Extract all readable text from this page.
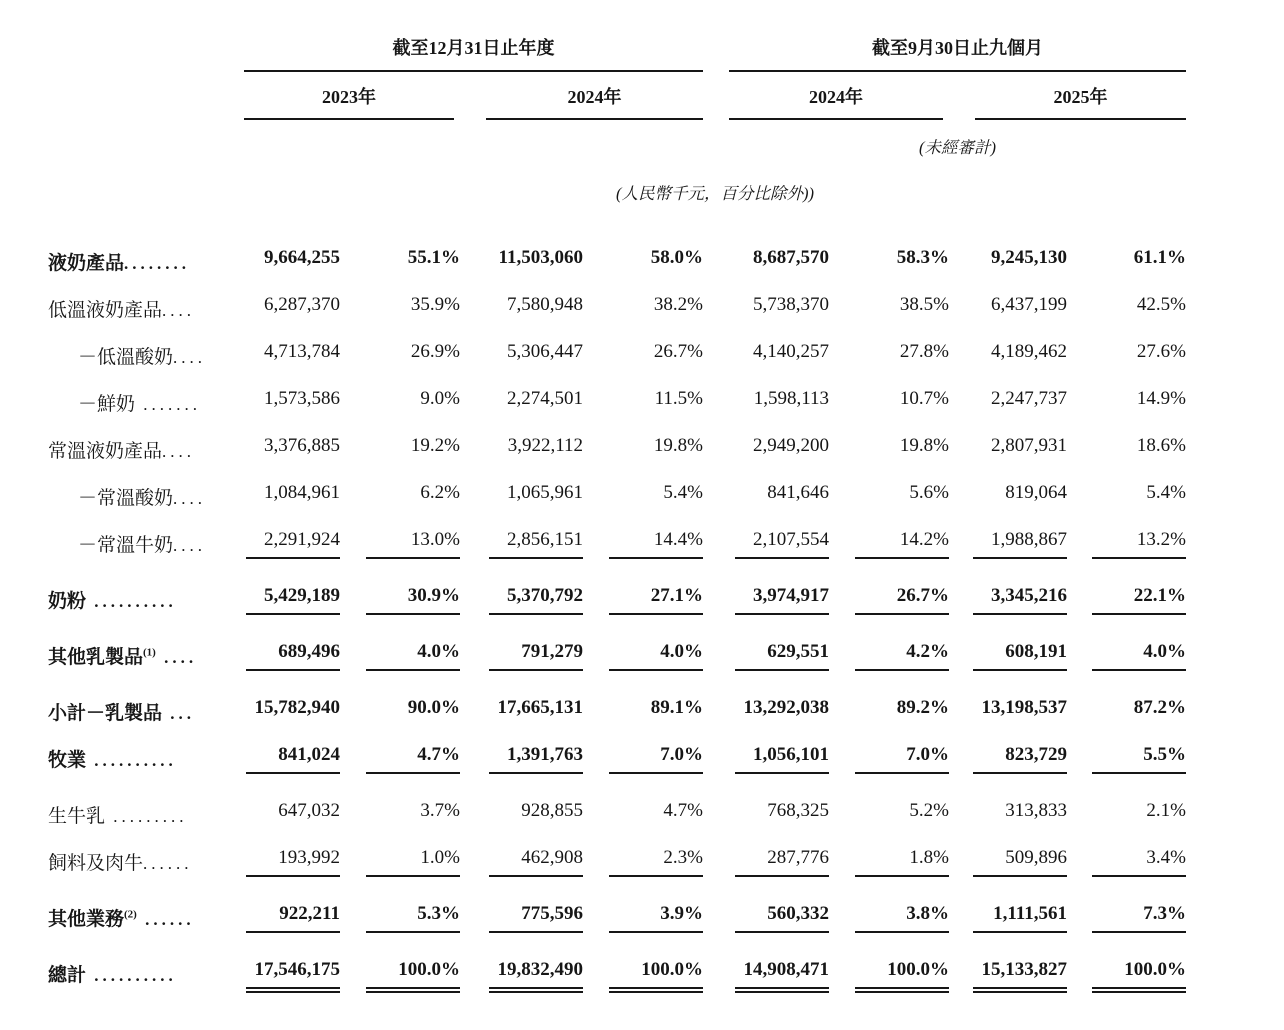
	截至12月31日止年度					截至9月30日止九個月			

	2023年		2024年			2024年		2025年	

						(未經審計)			
	(人民幣千元，百分比除外))								

液奶產品........	9,664,255	55.1%	11,503,060	58.0%		8,687,570	58.3%	9,245,130	61.1%
低溫液奶產品....	6,287,370	35.9%	7,580,948	38.2%		5,738,370	38.5%	6,437,199	42.5%
－低溫酸奶....	4,713,784	26.9%	5,306,447	26.7%		4,140,257	27.8%	4,189,462	27.6%
－鮮奶 .......	1,573,586	9.0%	2,274,501	11.5%		1,598,113	10.7%	2,247,737	14.9%
常溫液奶產品....	3,376,885	19.2%	3,922,112	19.8%		2,949,200	19.8%	2,807,931	18.6%
－常溫酸奶....	1,084,961	6.2%	1,065,961	5.4%		841,646	5.6%	819,064	5.4%
－常溫牛奶....	2,291,924	13.0%	2,856,151	14.4%		2,107,554	14.2%	1,988,867	13.2%
奶粉 ..........	5,429,189	30.9%	5,370,792	27.1%		3,974,917	26.7%	3,345,216	22.1%
其他乳製品$^{(1)}$ ....	689,496	4.0%	791,279	4.0%		629,551	4.2%	608,191	4.0%
小計－乳製品 ...	15,782,940	90.0%	17,665,131	89.1%		13,292,038	89.2%	13,198,537	87.2%
牧業 ..........	841,024	4.7%	1,391,763	7.0%		1,056,101	7.0%	823,729	5.5%
生牛乳 .........	647,032	3.7%	928,855	4.7%		768,325	5.2%	313,833	2.1%
飼料及肉牛......	193,992	1.0%	462,908	2.3%		287,776	1.8%	509,896	3.4%
其他業務$^{(2)}$ ......	922,211	5.3%	775,596	3.9%		560,332	3.8%	1,111,561	7.3%
總計 ..........	17,546,175	100.0%	19,832,490	100.0%		14,908,471	100.0%	15,133,827	100.0%
